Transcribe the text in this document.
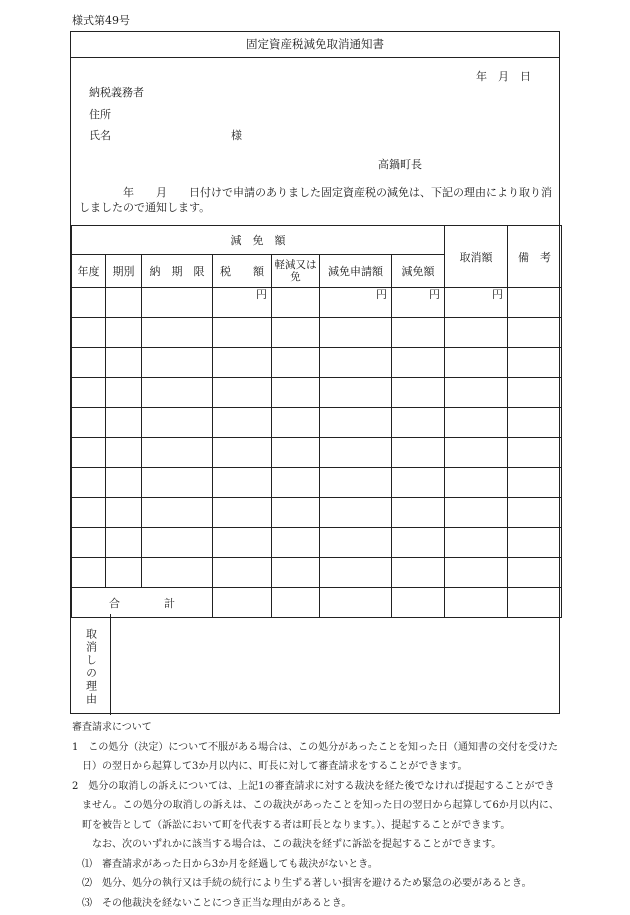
様式第49号
固定資産税減免取消通知書
年　月　日
納税義務者
住所
氏名	様
高鍋町長
　　　　年　　月　　日付けで申請のありました固定資産税の減免は、下記の理由により取り消しましたので通知します。
減　免　額							取消額	備　考
年度	期別	納　期　限	税　　額	軽減又は免	減免申請額	減免額		
			円		円	円	円	

合　　　　計								
取消しの理由
審査請求について
1　この処分（決定）について不服がある場合は、この処分があったことを知った日（通知書の交付を受けた
　日）の翌日から起算して3か月以内に、町長に対して審査請求をすることができます。
2　処分の取消しの訴えについては、上記1の審査請求に対する裁決を経た後でなければ提起することができ
　ません。この処分の取消しの訴えは、この裁決があったことを知った日の翌日から起算して6か月以内に、
　町を被告として（訴訟において町を代表する者は町長となります。）、提起することができます。
　　なお、次のいずれかに該当する場合は、この裁決を経ずに訴訟を提起することができます。
　⑴　審査請求があった日から3か月を経過しても裁決がないとき。
　⑵　処分、処分の執行又は手続の続行により生ずる著しい損害を避けるため緊急の必要があるとき。
　⑶　その他裁決を経ないことにつき正当な理由があるとき。
